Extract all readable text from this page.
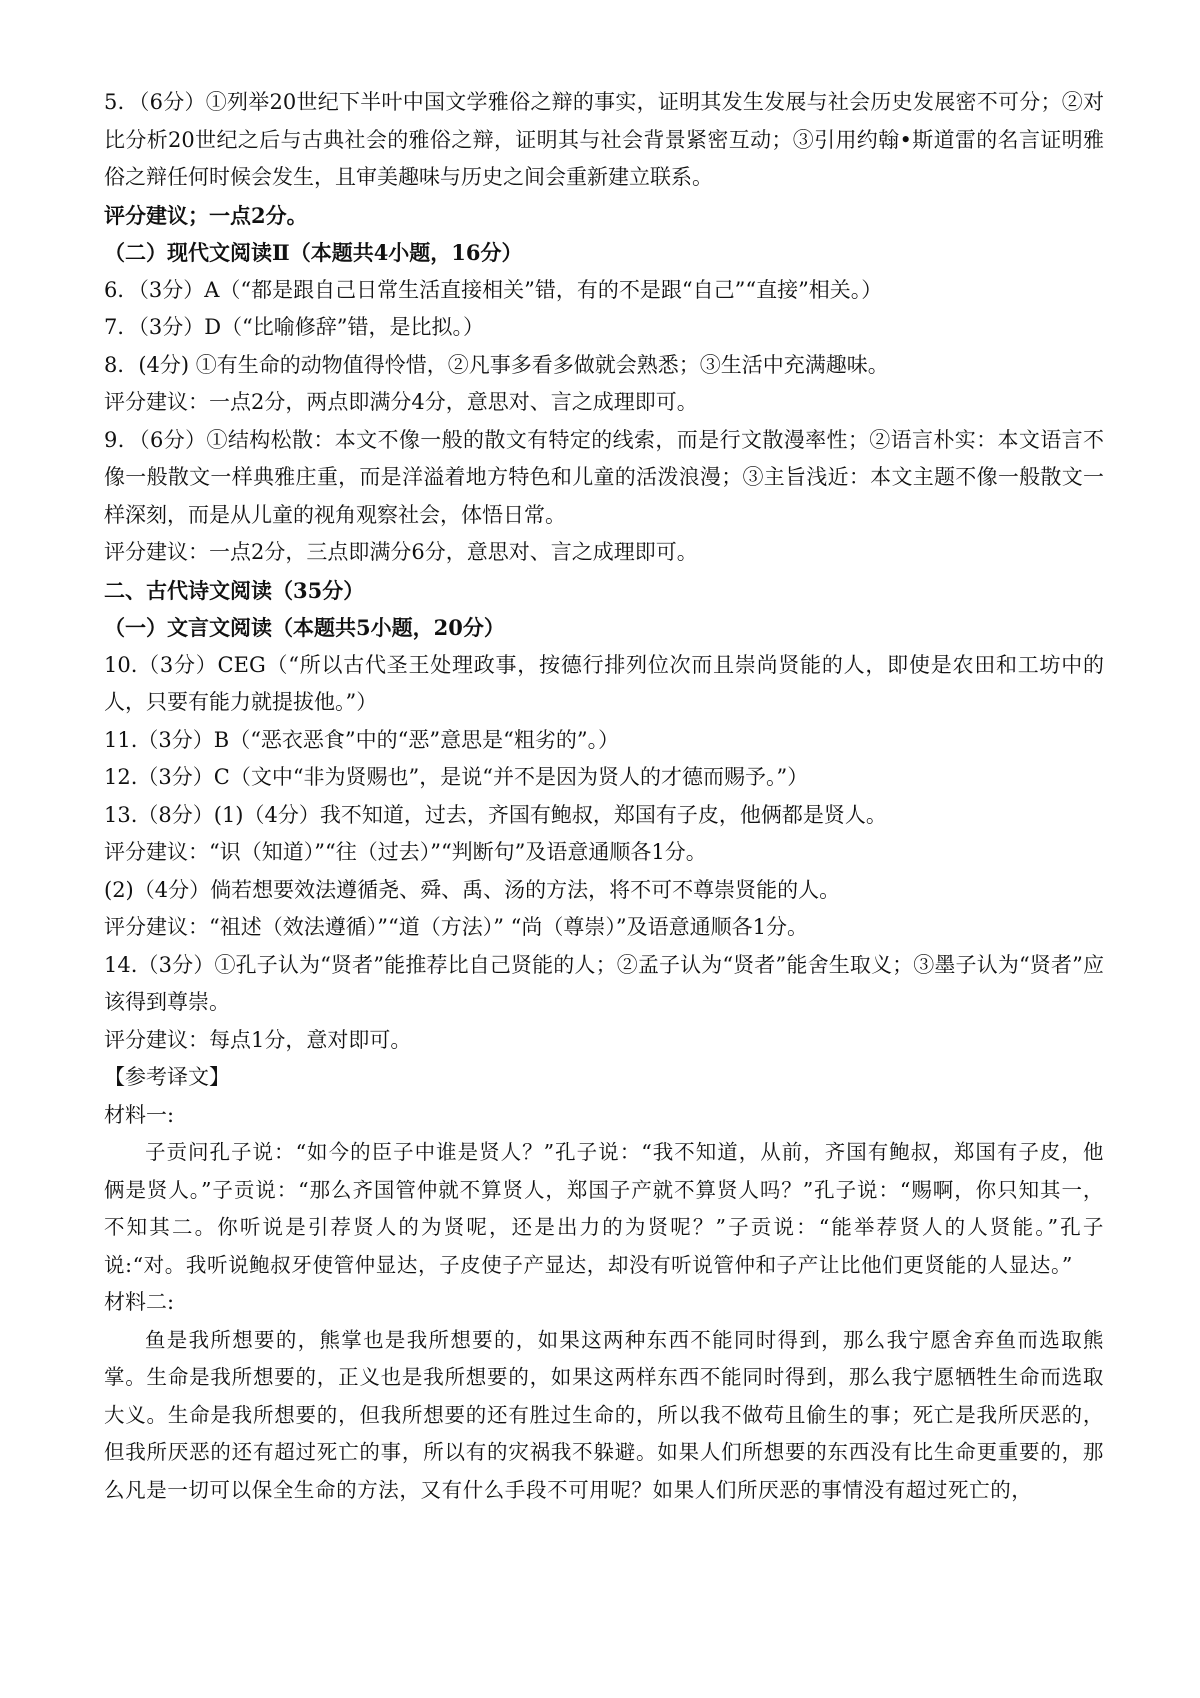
5．（6分）①列举20世纪下半叶中国文学雅俗之辩的事实，证明其发生发展与社会历史发展密不可分；②对比分析20世纪之后与古典社会的雅俗之辩，证明其与社会背景紧密互动；③引用约翰•斯道雷的名言证明雅俗之辩任何时候会发生，且审美趣味与历史之间会重新建立联系。
评分建议；一点2分。
（二）现代文阅读Ⅱ（本题共4小题，16分）
6．（3分）A（“都是跟自己日常生活直接相关”错，有的不是跟“自己”“直接”相关。）
7．（3分）D（“比喻修辞”错，是比拟。）
8．(4分) ①有生命的动物值得怜惜，②凡事多看多做就会熟悉；③生活中充满趣味。
评分建议：一点2分，两点即满分4分，意思对、言之成理即可。
9．（6分）①结构松散：本文不像一般的散文有特定的线索，而是行文散漫率性；②语言朴实：本文语言不像一般散文一样典雅庄重，而是洋溢着地方特色和儿童的活泼浪漫；③主旨浅近：本文主题不像一般散文一样深刻，而是从儿童的视角观察社会，体悟日常。
评分建议：一点2分，三点即满分6分，意思对、言之成理即可。
二、古代诗文阅读（35分）
（一）文言文阅读（本题共5小题，20分）
10.（3分）CEG（“所以古代圣王处理政事，按德行排列位次而且崇尚贤能的人，即使是农田和工坊中的人，只要有能力就提拔他。”）
11.（3分）B（“恶衣恶食”中的“恶”意思是“粗劣的”。）
12.（3分）C（文中“非为贤赐也”，是说“并不是因为贤人的才德而赐予。”）
13.（8分）(1)（4分）我不知道，过去，齐国有鲍叔，郑国有子皮，他俩都是贤人。
评分建议：“识（知道）”“往（过去）”“判断句”及语意通顺各1分。
(2)（4分）倘若想要效法遵循尧、舜、禹、汤的方法，将不可不尊崇贤能的人。
评分建议：“祖述（效法遵循）”“道（方法）” “尚（尊崇）”及语意通顺各1分。
14.（3分）①孔子认为“贤者”能推荐比自己贤能的人；②孟子认为“贤者”能舍生取义；③墨子认为“贤者”应该得到尊崇。
评分建议：每点1分，意对即可。
【参考译文】
材料一:
子贡问孔子说：“如今的臣子中谁是贤人？”孔子说：“我不知道，从前，齐国有鲍叔，郑国有子皮，他俩是贤人。”子贡说：“那么齐国管仲就不算贤人，郑国子产就不算贤人吗？”孔子说：“赐啊，你只知其一，不知其二。你听说是引荐贤人的为贤呢，还是出力的为贤呢？”子贡说：“能举荐贤人的人贤能。”孔子说:“对。我听说鲍叔牙使管仲显达，子皮使子产显达，却没有听说管仲和子产让比他们更贤能的人显达。”
材料二:
鱼是我所想要的，熊掌也是我所想要的，如果这两种东西不能同时得到，那么我宁愿舍弃鱼而选取熊掌。生命是我所想要的，正义也是我所想要的，如果这两样东西不能同时得到，那么我宁愿牺牲生命而选取大义。生命是我所想要的，但我所想要的还有胜过生命的，所以我不做苟且偷生的事；死亡是我所厌恶的，但我所厌恶的还有超过死亡的事，所以有的灾祸我不躲避。如果人们所想要的东西没有比生命更重要的，那么凡是一切可以保全生命的方法，又有什么手段不可用呢？如果人们所厌恶的事情没有超过死亡的，
